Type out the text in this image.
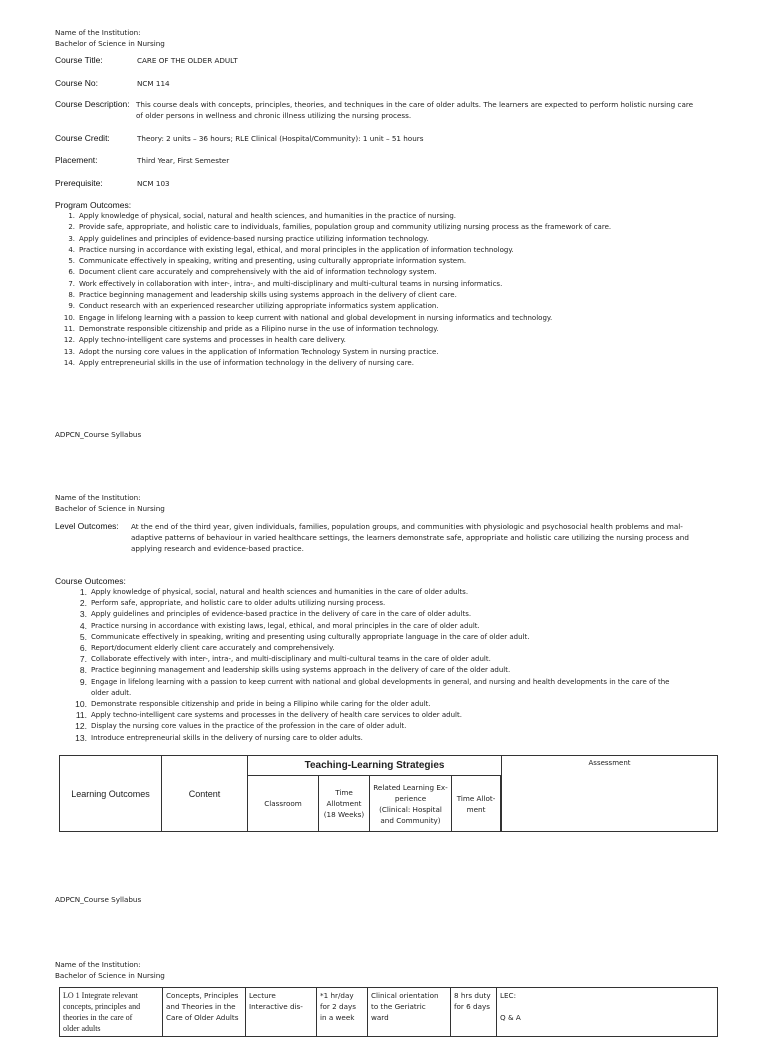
Name of the Institution:
Bachelor of Science in Nursing
Course Title:	CARE OF THE OLDER ADULT
Course No:	NCM 114
Course Description: This course deals with concepts, principles, theories, and techniques in the care of older adults. The learners are expected to perform holistic nursing care
of older persons in wellness and chronic illness utilizing the nursing process.
Course Credit:	Theory: 2 units – 36 hours; RLE Clinical (Hospital/Community): 1 unit – 51 hours
Placement:	Third Year, First Semester
Prerequisite:	NCM 103
Program Outcomes:
1. Apply knowledge of physical, social, natural and health sciences, and humanities in the practice of nursing.
2. Provide safe, appropriate, and holistic care to individuals, families, population group and community utilizing nursing process as the framework of care.
3. Apply guidelines and principles of evidence-based nursing practice utilizing information technology.
4. Practice nursing in accordance with existing legal, ethical, and moral principles in the application of information technology.
5. Communicate effectively in speaking, writing and presenting, using culturally appropriate information system.
6. Document client care accurately and comprehensively with the aid of information technology system.
7. Work effectively in collaboration with inter-, intra-, and multi-disciplinary and multi-cultural teams in nursing informatics.
8. Practice beginning management and leadership skills using systems approach in the delivery of client care.
9. Conduct research with an experienced researcher utilizing appropriate informatics system application.
10. Engage in lifelong learning with a passion to keep current with national and global development in nursing informatics and technology.
11. Demonstrate responsible citizenship and pride as a Filipino nurse in the use of information technology.
12. Apply techno-intelligent care systems and processes in health care delivery.
13. Adopt the nursing core values in the application of Information Technology System in nursing practice.
14. Apply entrepreneurial skills in the use of information technology in the delivery of nursing care.
ADPCN_Course Syllabus
Name of the Institution:
Bachelor of Science in Nursing
Level Outcomes: At the end of the third year, given individuals, families, population groups, and communities with physiologic and psychosocial health problems and mal-
adaptive patterns of behaviour in varied healthcare settings, the learners demonstrate safe, appropriate and holistic care utilizing the nursing process and
applying research and evidence-based practice.
Course Outcomes:
1. Apply knowledge of physical, social, natural and health sciences and humanities in the care of older adults.
2. Perform safe, appropriate, and holistic care to older adults utilizing nursing process.
3. Apply guidelines and principles of evidence-based practice in the delivery of care in the care of older adults.
4. Practice nursing in accordance with existing laws, legal, ethical, and moral principles in the care of older adult.
5. Communicate effectively in speaking, writing and presenting using culturally appropriate language in the care of older adult.
6. Report/document elderly client care accurately and comprehensively.
7. Collaborate effectively with inter-, intra-, and multi-disciplinary and multi-cultural teams in the care of older adult.
8. Practice beginning management and leadership skills using systems approach in the delivery of care of the older adult.
9. Engage in lifelong learning with a passion to keep current with national and global developments in general, and nursing and health developments in the care of the
older adult.
10. Demonstrate responsible citizenship and pride in being a Filipino while caring for the older adult.
11. Apply techno-intelligent care systems and processes in the delivery of health care services to older adult.
12. Display the nursing core values in the practice of the profession in the care of older adult.
13. Introduce entrepreneurial skills in the delivery of nursing care to older adults.
Learning Outcomes	Content	Teaching-Learning Strategies				Assessment
		Classroom	Time
Allotment
(18 Weeks)	Related Learning Ex-
perience
(Clinical: Hospital
and Community)	Time Allot-
ment	
ADPCN_Course Syllabus
Name of the Institution:
Bachelor of Science in Nursing
LO 1 Integrate relevant
concepts, principles and
theories in the care of
older adults	Concepts, Principles
and Theories in the
Care of Older Adults	Lecture
Interactive dis-	*1 hr/day
for 2 days
in a week	Clinical orientation
to the Geriatric
ward	8 hrs duty
for 6 days	LEC:

Q & A
